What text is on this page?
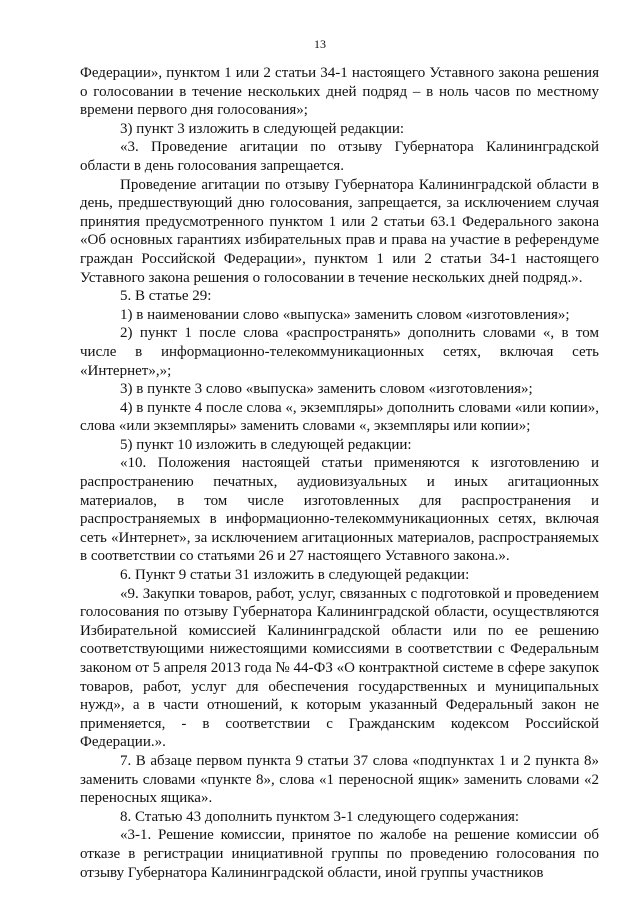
13

Федерации», пунктом 1 или 2 статьи 34-1 настоящего Уставного закона решения о голосовании в течение нескольких дней подряд – в ноль часов по местному времени первого дня голосования»;

3) пункт 3 изложить в следующей редакции:

«3. Проведение агитации по отзыву Губернатора Калининградской области в день голосования запрещается.

Проведение агитации по отзыву Губернатора Калининградской области в день, предшествующий дню голосования, запрещается, за исключением случая принятия предусмотренного пунктом 1 или 2 статьи 63.1 Федерального закона «Об основных гарантиях избирательных прав и права на участие в референдуме граждан Российской Федерации», пунктом 1 или 2 статьи 34-1 настоящего Уставного закона решения о голосовании в течение нескольких дней подряд.».

5. В статье 29:

1) в наименовании слово «выпуска» заменить словом «изготовления»;

2) пункт 1 после слова «распространять» дополнить словами «, в том числе в информационно-телекоммуникационных сетях, включая сеть «Интернет»,»;

3) в пункте 3 слово «выпуска» заменить словом «изготовления»;

4) в пункте 4 после слова «, экземпляры» дополнить словами «или копии», слова «или экземпляры» заменить словами «, экземпляры или копии»;

5) пункт 10 изложить в следующей редакции:

«10. Положения настоящей статьи применяются к изготовлению и распространению печатных, аудиовизуальных и иных агитационных материалов, в том числе изготовленных для распространения и распространяемых в информационно-телекоммуникационных сетях, включая сеть «Интернет», за исключением агитационных материалов, распространяемых в соответствии со статьями 26 и 27 настоящего Уставного закона.».

6. Пункт 9 статьи 31 изложить в следующей редакции:

«9. Закупки товаров, работ, услуг, связанных с подготовкой и проведением голосования по отзыву Губернатора Калининградской области, осуществляются Избирательной комиссией Калининградской области или по ее решению соответствующими нижестоящими комиссиями в соответствии с Федеральным законом от 5 апреля 2013 года № 44-ФЗ «О контрактной системе в сфере закупок товаров, работ, услуг для обеспечения государственных и муниципальных нужд», а в части отношений, к которым указанный Федеральный закон не применяется, - в соответствии с Гражданским кодексом Российской Федерации.».

7. В абзаце первом пункта 9 статьи 37 слова «подпунктах 1 и 2 пункта 8» заменить словами «пункте 8», слова «1 переносной ящик» заменить словами «2 переносных ящика».

8. Статью 43 дополнить пунктом 3-1 следующего содержания:

«3-1. Решение комиссии, принятое по жалобе на решение комиссии об отказе в регистрации инициативной группы по проведению голосования по отзыву Губернатора Калининградской области, иной группы участников
